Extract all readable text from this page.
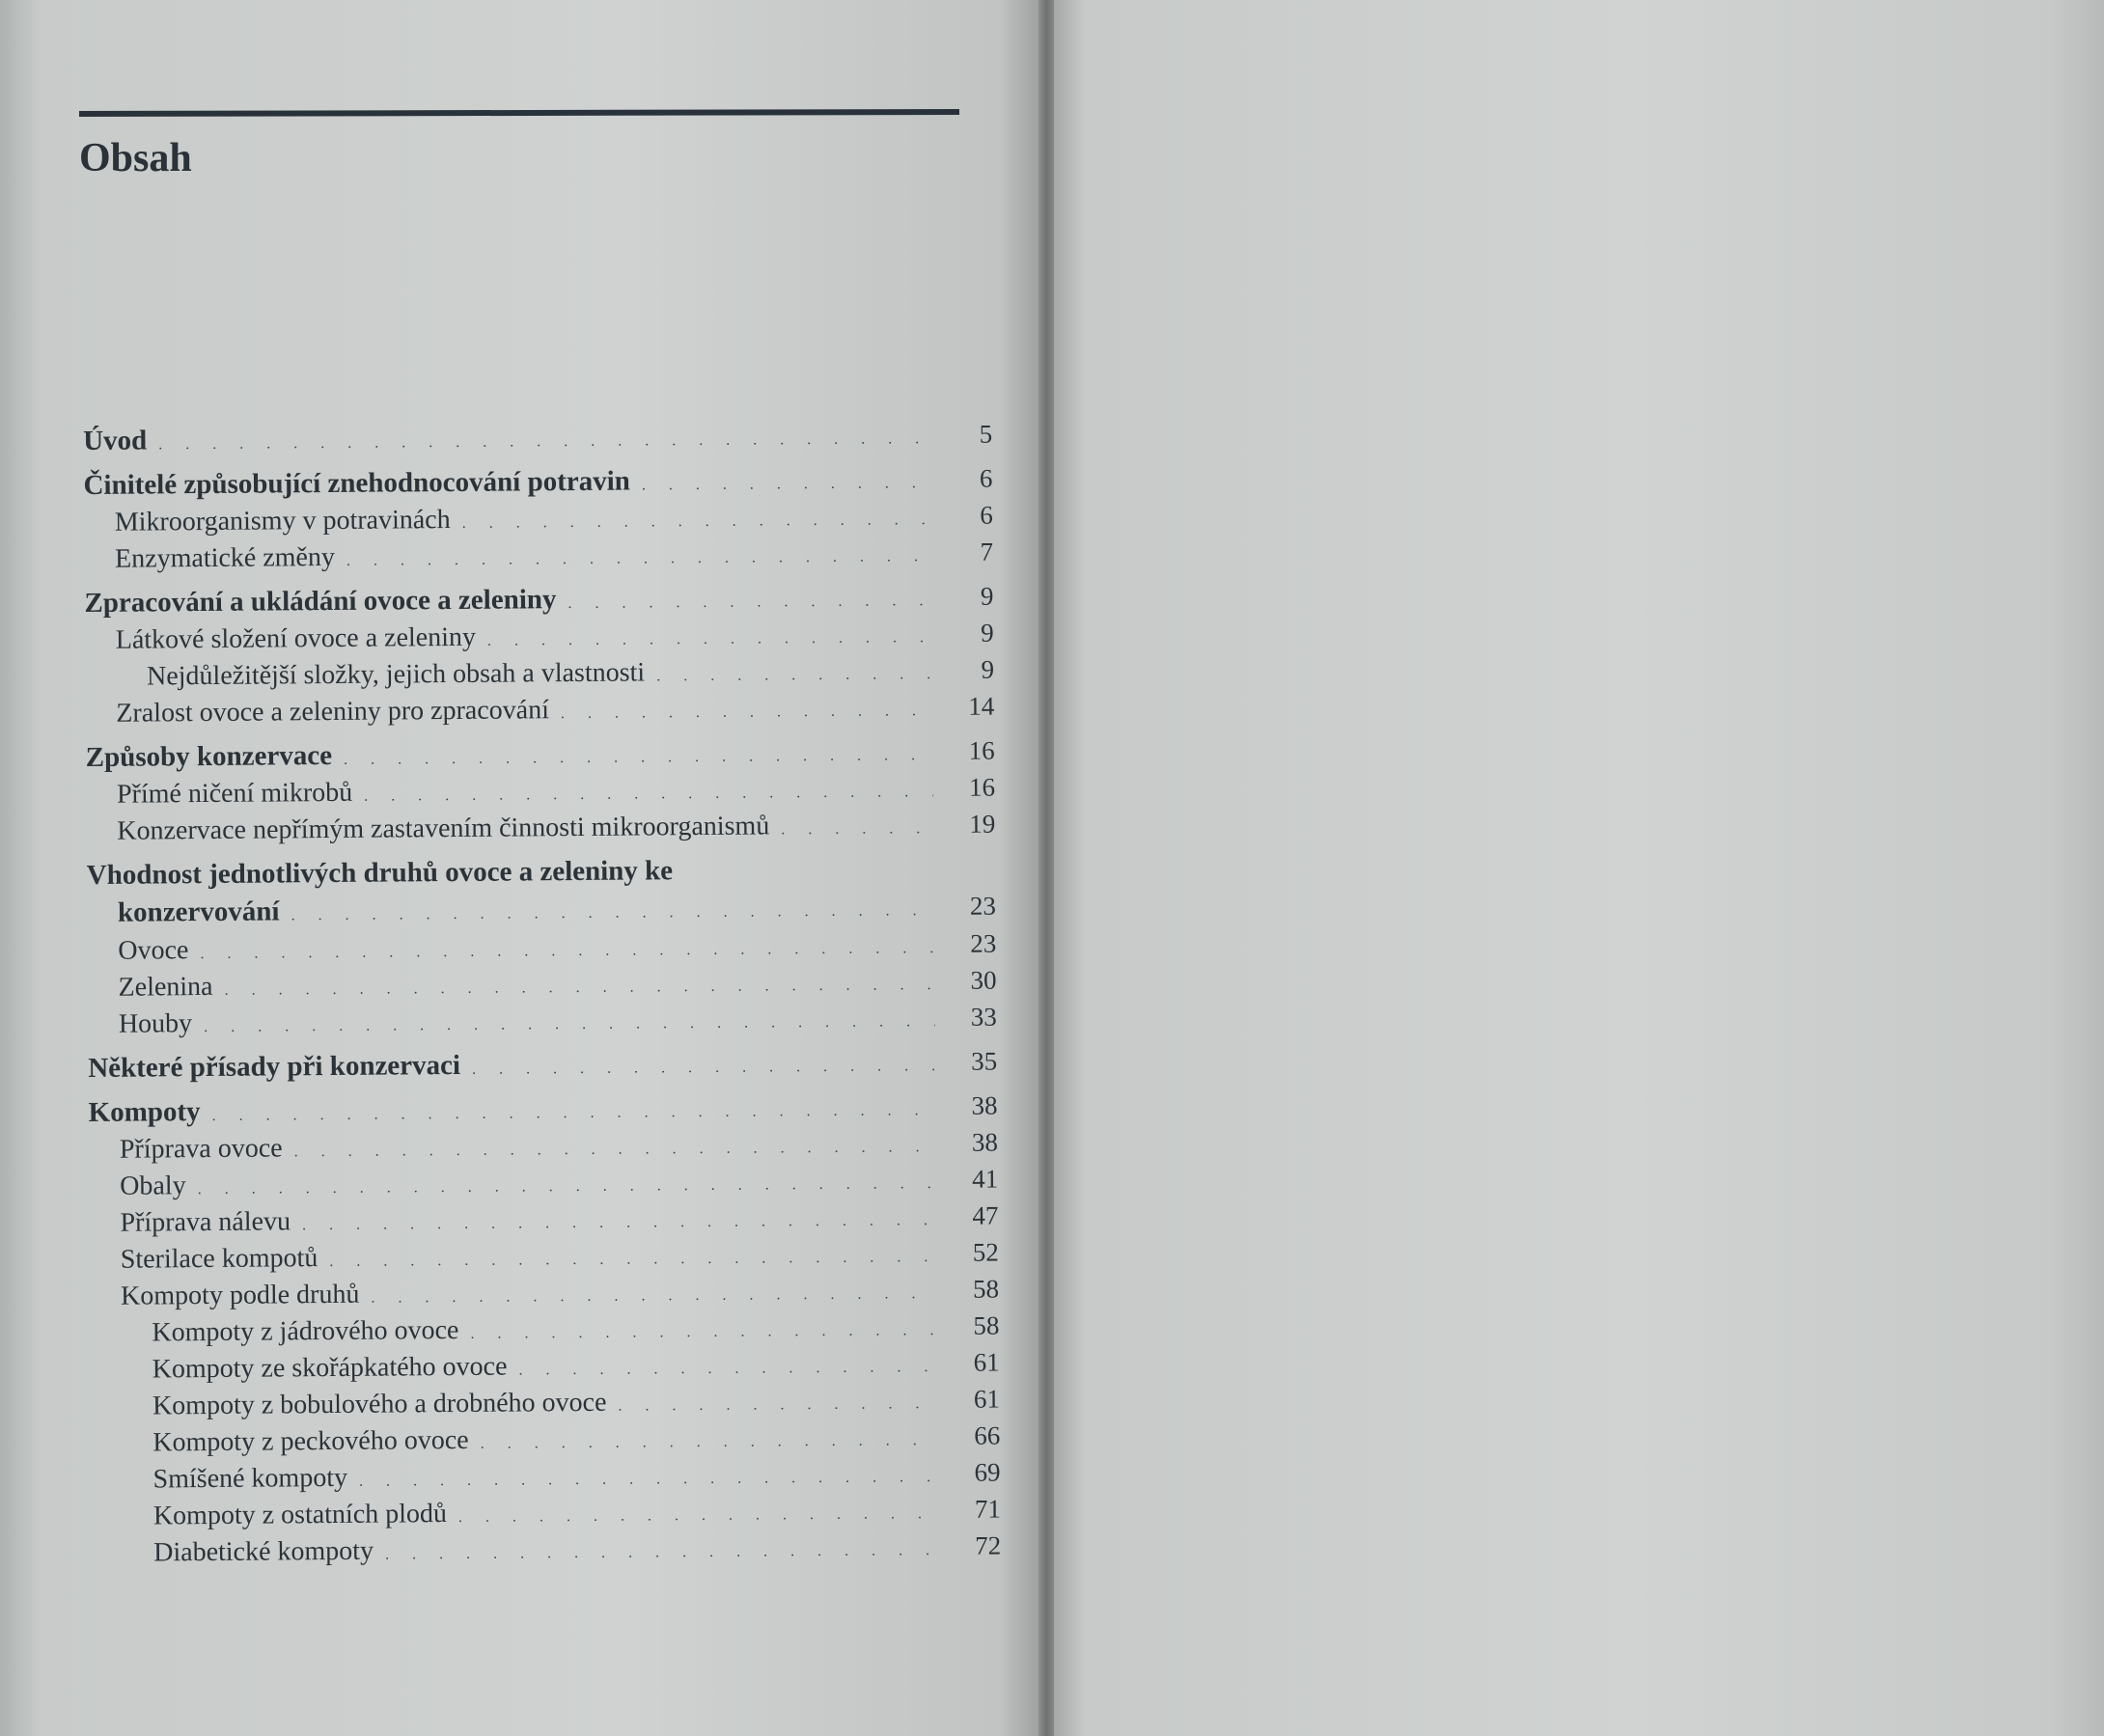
Obsah
Úvod . . .	5
Činitelé způsobující znehodnocování potravin . . .	6
Mikroorganismy v potravinách . . .	6
Enzymatické změny . . .	7
Zpracování a ukládání ovoce a zeleniny . . .	9
Látkové složení ovoce a zeleniny . . .	9
Nejdůležitější složky, jejich obsah a vlastnosti . . .	9
Zralost ovoce a zeleniny pro zpracování . . .	14
Způsoby konzervace . . .	16
Přímé ničení mikrobů . . .	16
Konzervace nepřímým zastavením činnosti mikroorganismů . . .	19
Vhodnost jednotlivých druhů ovoce a zeleniny ke
konzervování . . .	23
Ovoce . . .	23
Zelenina . . .	30
Houby . . .	33
Některé přísady při konzervaci . . .	35
Kompoty . . .	38
Příprava ovoce . . .	38
Obaly . . .	41
Příprava nálevu . . .	47
Sterilace kompotů . . .	52
Kompoty podle druhů . . .	58
Kompoty z jádrového ovoce . . .	58
Kompoty ze skořápkatého ovoce . . .	61
Kompoty z bobulového a drobného ovoce . . .	61
Kompoty z peckového ovoce . . .	66
Smíšené kompoty . . .	69
Kompoty z ostatních plodů . . .	71
Diabetické kompoty . . .	72
